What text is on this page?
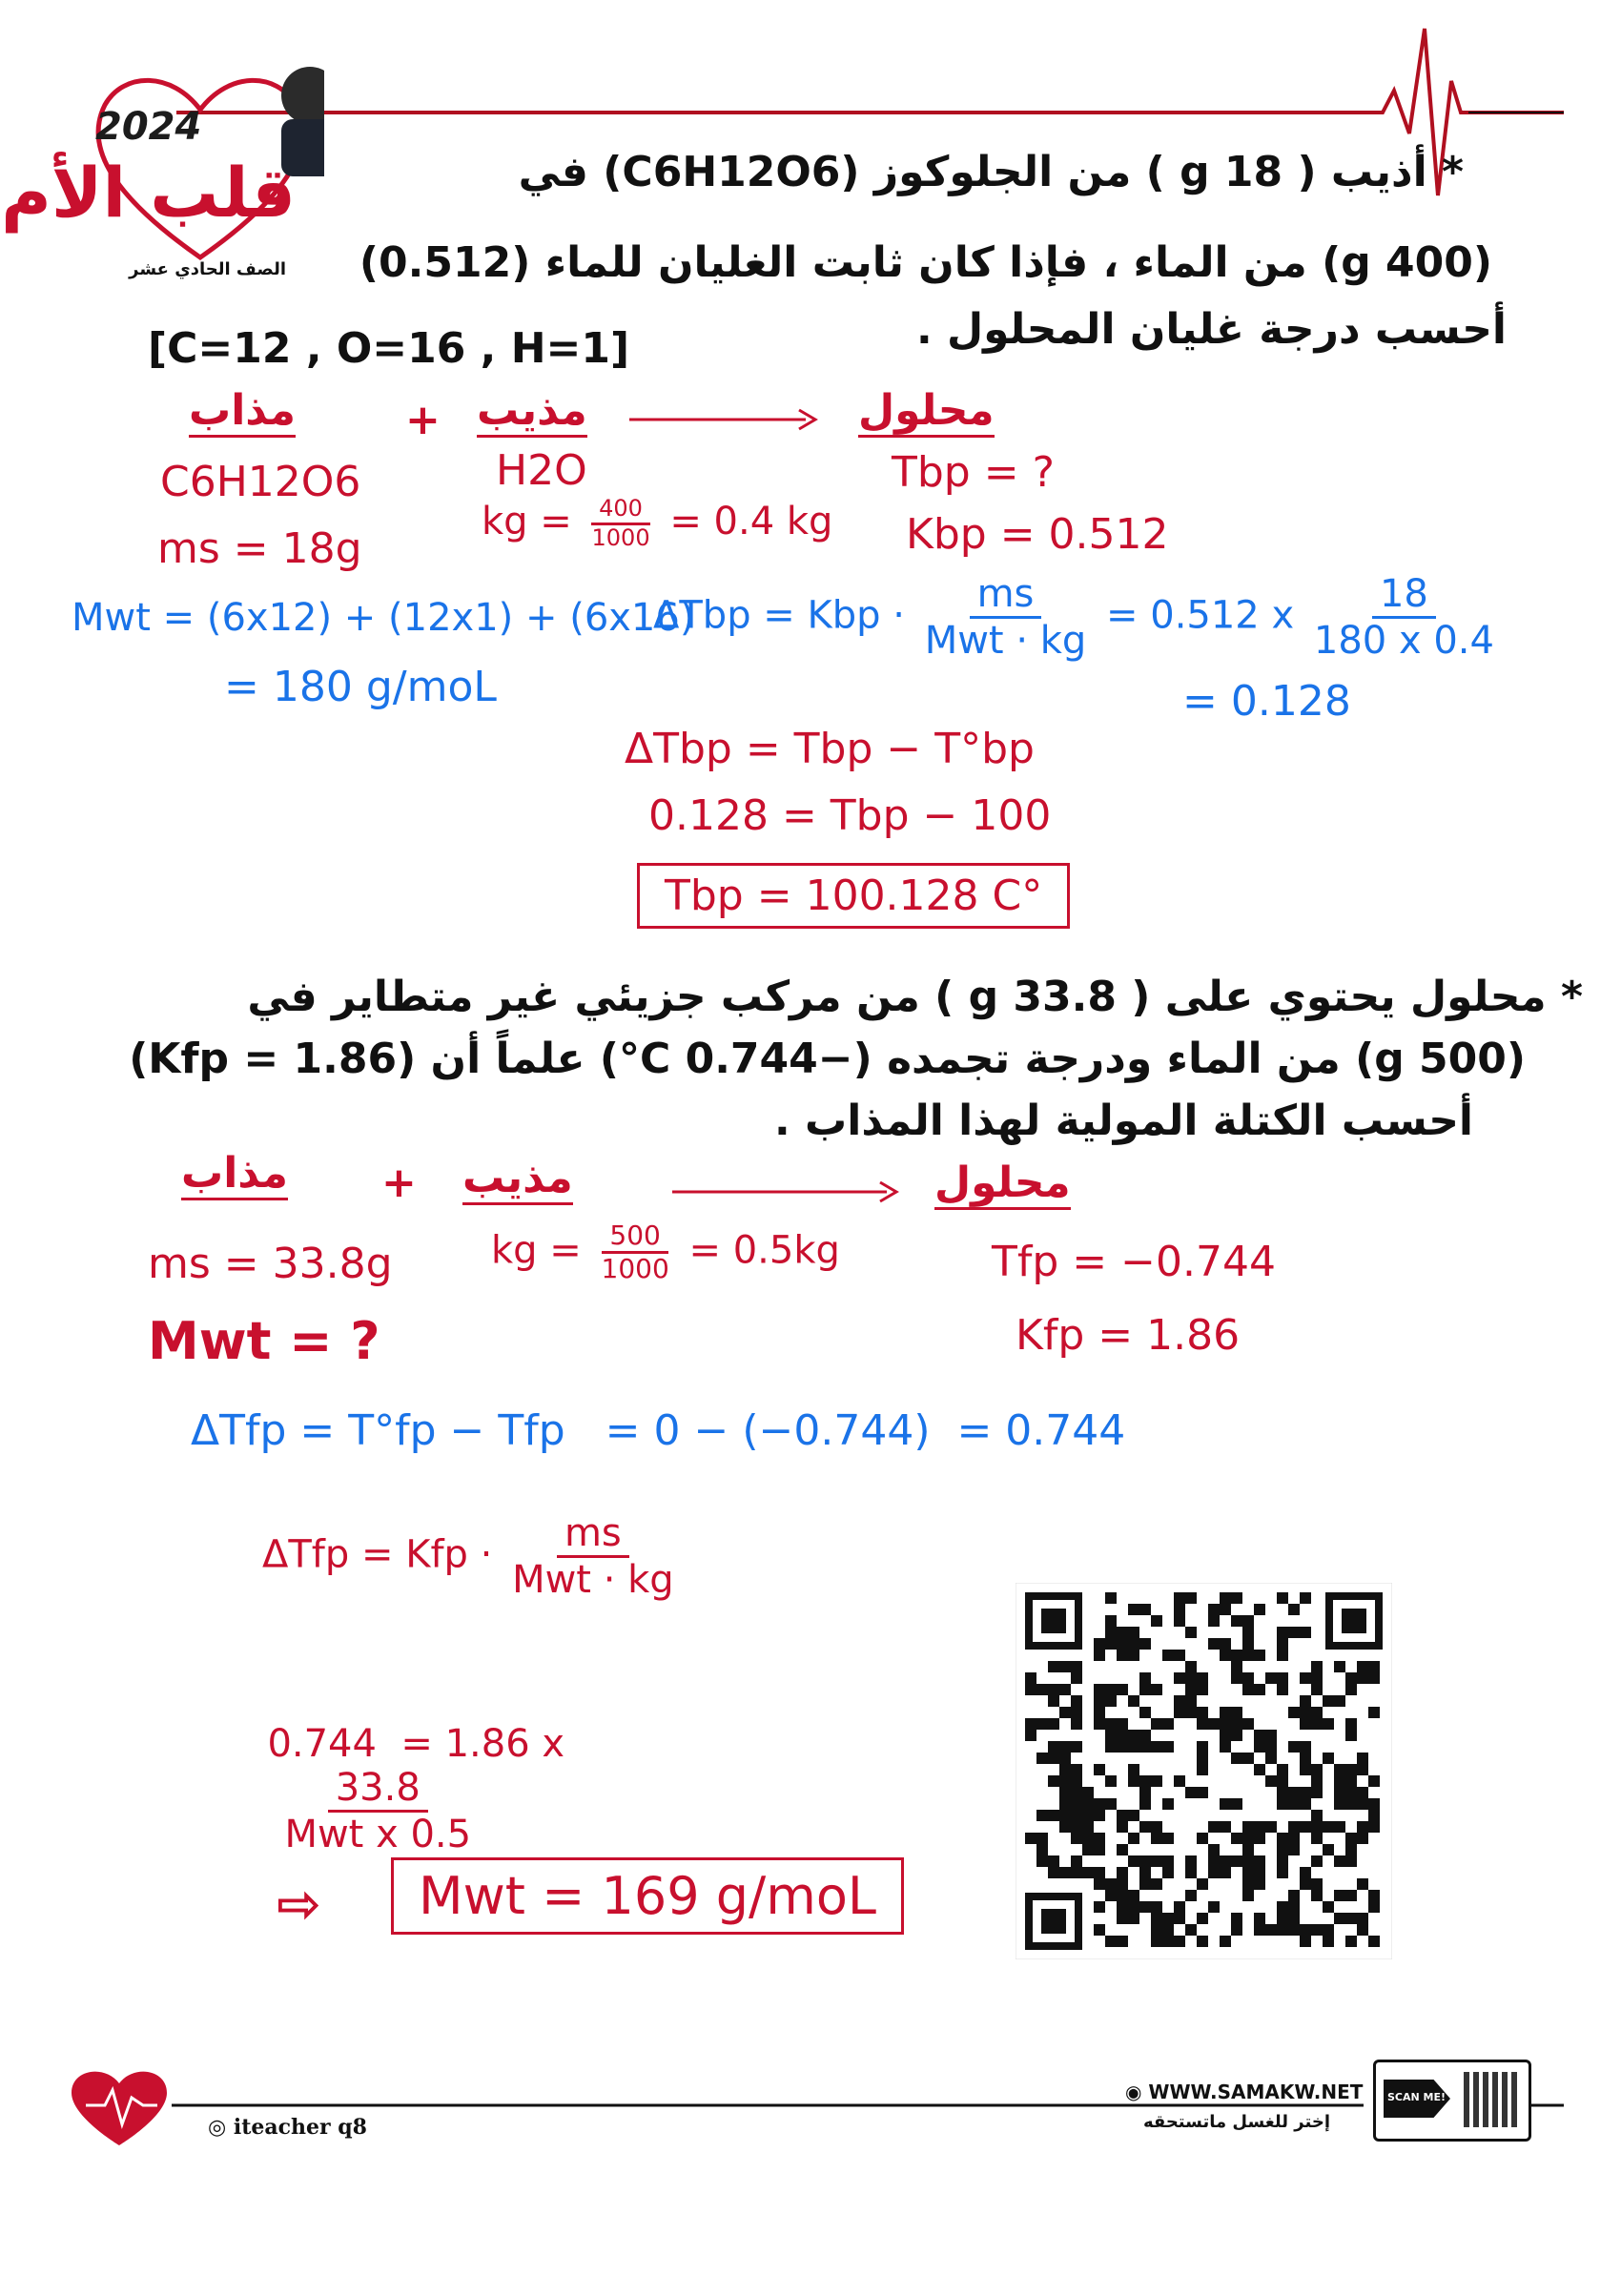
2024
قلب الأم
الصف الحادي عشر
* أذيب ( 18 g ) من الجلوكوز (C6H12O6) في
(400 g) من الماء ، فإذا كان ثابت الغليان للماء (0.512)
أحسب درجة غليان المحلول .
[C=12 , O=16 , H=1]
مذاب	+ مذيب	محلول
C6H12O6	H2O	Tbp = ?
ms = 18g
kg = $\frac{400}{1000} = 0.4$ kg Kbp = 0.512
Mwt = (6x12) + (12x1) + (6x16)
= 180 g/moL
ΔTbp = Kbp · $\frac{ms}{\text{Mwt · kg}} = 0.512$ x $\frac{18}{180 x 0.4}$
= 0.128
ΔTbp = Tbp − T°bp
0.128 = Tbp − 100
Tbp = 100.128 C°
* محلول يحتوي على ( 33.8 g ) من مركب جزيئي غير متطاير في
(500 g) من الماء ودرجة تجمده (−0.744 C°) علماً أن (Kfp = 1.86)
أحسب الكتلة المولية لهذا المذاب .
مذاب + مذيب	محلول
ms = 33.8g	kg = $\frac{500}{1000} = 0.5kg$	Tfp = −0.744
Mwt = ?	Kfp = 1.86
ΔTfp = T°fp − Tfp   = 0 − (−0.744)  = 0.744
ΔTfp = Kfp · $\frac{ms}{\text{Mwt · kg}}$

0.744  = 1.86 x

$\frac{33.8}{\text{Mwt x 0.5}}$

⇨	Mwt = 169 g/moL
◎ iteacher q8
◉ WWW.SAMAKW.NET
إختر للغسل ماتستحقه
SCAN ME!
